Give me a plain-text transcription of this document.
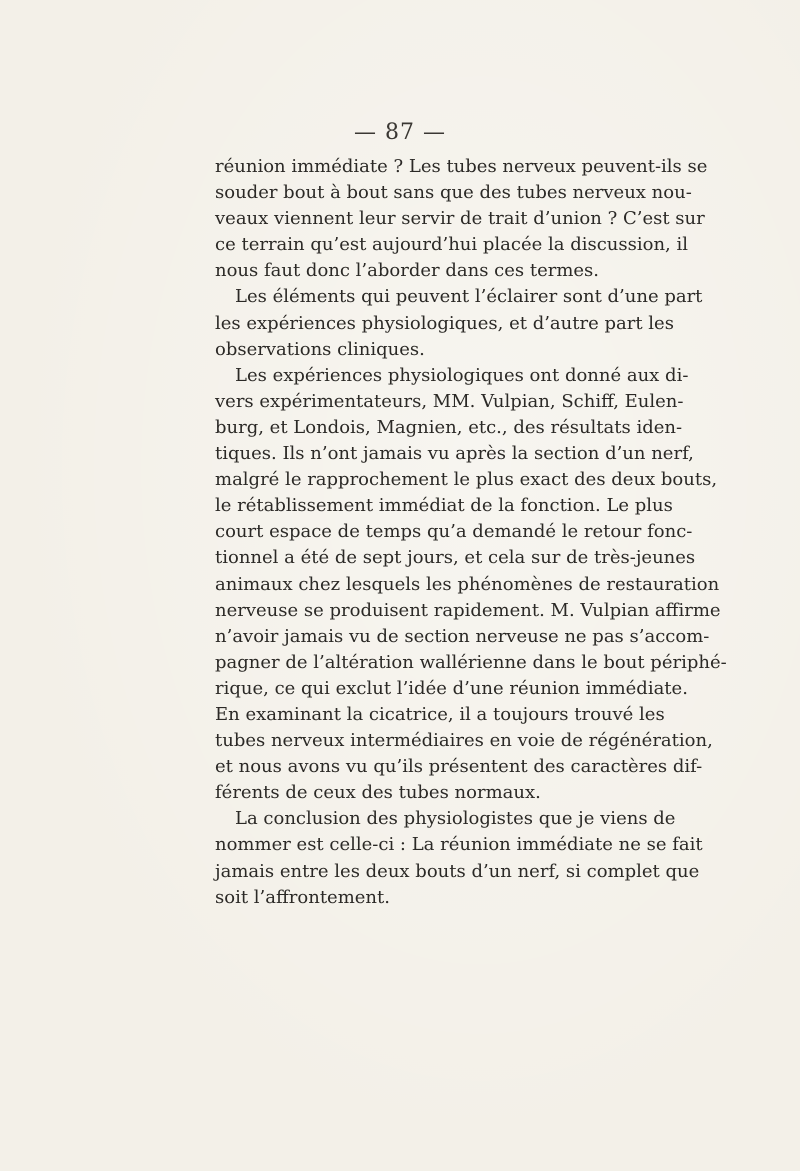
— 87 —
réunion immédiate ? Les tubes nerveux peuvent-ils se
souder bout à bout sans que des tubes nerveux nou-
veaux viennent leur servir de trait d’union ? C’est sur
ce terrain qu’est aujourd’hui placée la discussion, il
nous faut donc l’aborder dans ces termes.
Les éléments qui peuvent l’éclairer sont d’une part
les expériences physiologiques, et d’autre part les
observations cliniques.
Les expériences physiologiques ont donné aux di-
vers expérimentateurs, MM. Vulpian, Schiff, Eulen-
burg, et Londois, Magnien, etc., des résultats iden-
tiques. Ils n’ont jamais vu après la section d’un nerf,
malgré le rapprochement le plus exact des deux bouts,
le rétablissement immédiat de la fonction. Le plus
court espace de temps qu’a demandé le retour fonc-
tionnel a été de sept jours, et cela sur de très-jeunes
animaux chez lesquels les phénomènes de restauration
nerveuse se produisent rapidement. M. Vulpian affirme
n’avoir jamais vu de section nerveuse ne pas s’accom-
pagner de l’altération wallérienne dans le bout périphé-
rique, ce qui exclut l’idée d’une réunion immédiate.
En examinant la cicatrice, il a toujours trouvé les
tubes nerveux intermédiaires en voie de régénération,
et nous avons vu qu’ils présentent des caractères dif-
férents de ceux des tubes normaux.
La conclusion des physiologistes que je viens de
nommer est celle-ci : La réunion immédiate ne se fait
jamais entre les deux bouts d’un nerf, si complet que
soit l’affrontement.
